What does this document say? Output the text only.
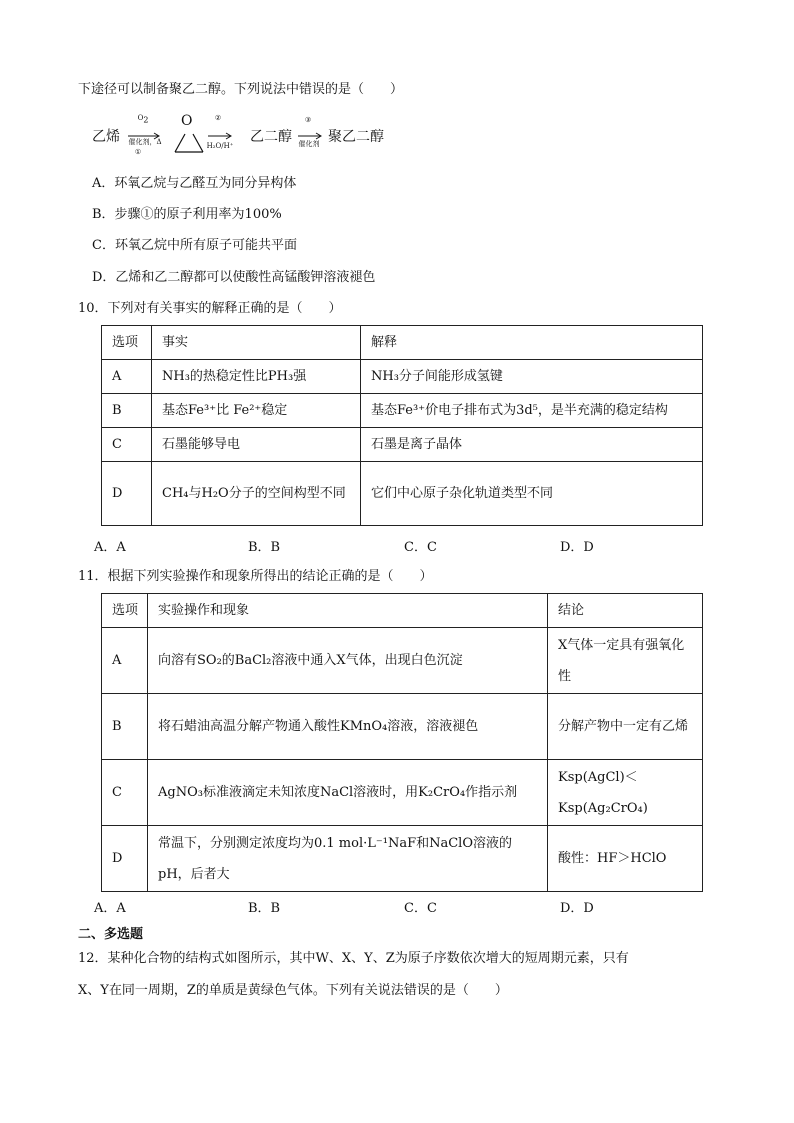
下途径可以制备聚乙二醇。下列说法中错误的是（　　）
乙烯
$O_2$
催化剂，Δ
①
O	②
H₂O/H⁺
乙二醇
③
催化剂 聚乙二醇
A．环氧乙烷与乙醛互为同分异构体
B．步骤①的原子利用率为100%
C．环氧乙烷中所有原子可能共平面
D．乙烯和乙二醇都可以使酸性高锰酸钾溶液褪色
10．下列对有关事实的解释正确的是（　　）
选项	事实	解释
A	NH₃的热稳定性比PH₃强	NH₃分子间能形成氢键
B	基态Fe³⁺比 Fe²⁺稳定	基态Fe³⁺价电子排布式为3d⁵，是半充满的稳定结构
C	石墨能够导电	石墨是离子晶体
D	CH₄与H₂O分子的空间构型不同	它们中心原子杂化轨道类型不同
A．A	B．B	C．C	D．D
11．根据下列实验操作和现象所得出的结论正确的是（　　）
选项	实验操作和现象	结论
A	向溶有SO₂的BaCl₂溶液中通入X气体，出现白色沉淀	X气体一定具有强氧化性
B	将石蜡油高温分解产物通入酸性KMnO₄溶液，溶液褪色	分解产物中一定有乙烯
C	AgNO₃标准液滴定未知浓度NaCl溶液时，用K₂CrO₄作指示剂	Ksp(AgCl)＜Ksp(Ag₂CrO₄)
D	常温下，分别测定浓度均为0.1 mol·L⁻¹NaF和NaClO溶液的pH，后者大	酸性：HF＞HClO
A．A	B．B	C．C	D．D
二、多选题
12．某种化合物的结构式如图所示，其中W、X、Y、Z为原子序数依次增大的短周期元素，只有
X、Y在同一周期，Z的单质是黄绿色气体。下列有关说法错误的是（　　）
